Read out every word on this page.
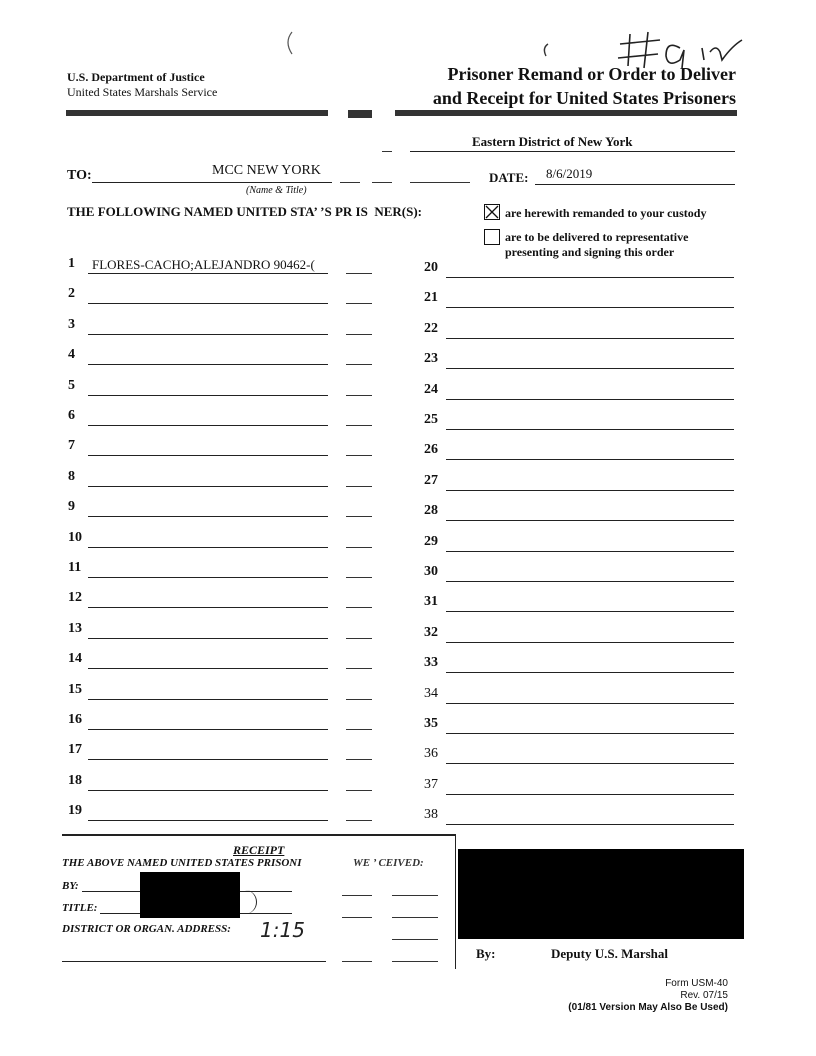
U.S. Department of Justice
United States Marshals Service
Prisoner Remand or Order to Deliver
and Receipt for United States Prisoners
Eastern District of New York
TO:	MCC NEW YORK
(Name & Title)
DATE: 8/6/2019
THE FOLLOWING NAMED UNITED STA’ ’S PR IS  NER(S):	are herewith remanded to your custody
are to be delivered to representative presenting and signing this order
1 FLORES-CACHO;ALEJANDRO 90462-(
2
3
4
5
6
7
8
9
10
11
12
13
14
15
16
17
18
19
20
21
22
23
24
25
26
27
28
29
30
31
32
33
34
35
36
37
38
RECEIPT
THE ABOVE NAMED UNITED STATES PRISONI	WE ’ CEIVED:
BY:
TITLE:
DISTRICT OR ORGAN. ADDRESS: 1:15
By:	Deputy U.S. Marshal
Form USM-40
Rev. 07/15
(01/81 Version May Also Be Used)
